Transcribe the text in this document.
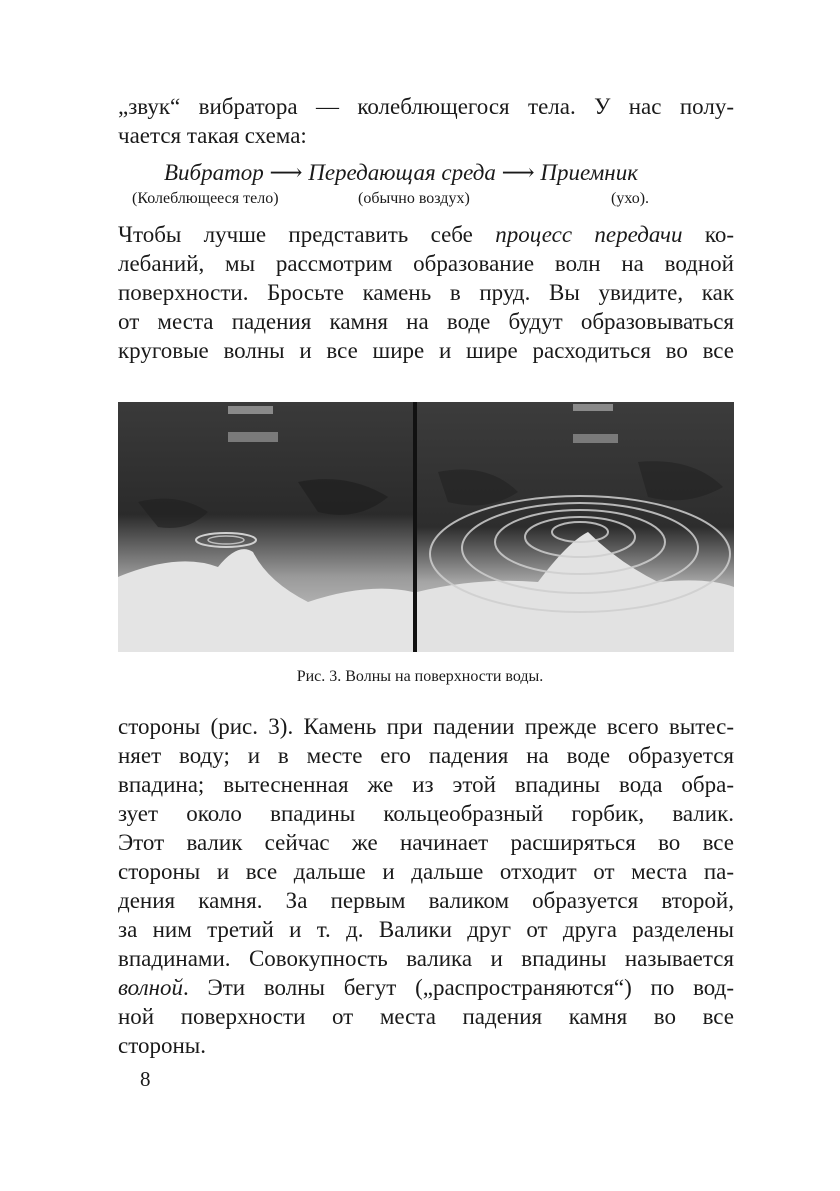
„звук“ вибратора — колеблющегося тела. У нас полу-
чается такая схема:
Вибратор ⟶ Передающая среда ⟶ Приемник
(Колеблющееся тело)	(обычно воздух)	(ухо).
Чтобы лучше представить себе процесс передачи ко-
лебаний, мы рассмотрим образование волн на водной
поверхности. Бросьте камень в пруд. Вы увидите, как
от места падения камня на воде будут образовываться
круговые волны и все шире и шире расходиться во все
Рис. 3. Волны на поверхности воды.
стороны (рис. 3). Камень при падении прежде всего вытес-
няет воду; и в месте его падения на воде образуется
впадина; вытесненная же из этой впадины вода обра-
зует около впадины кольцеобразный горбик, валик.
Этот валик сейчас же начинает расширяться во все
стороны и все дальше и дальше отходит от места па-
дения камня. За первым валиком образуется второй,
за ним третий и т. д. Валики друг от друга разделены
впадинами. Совокупность валика и впадины называется
волной. Эти волны бегут („распространяются“) по вод-
ной поверхности от места падения камня во все
стороны.
8
